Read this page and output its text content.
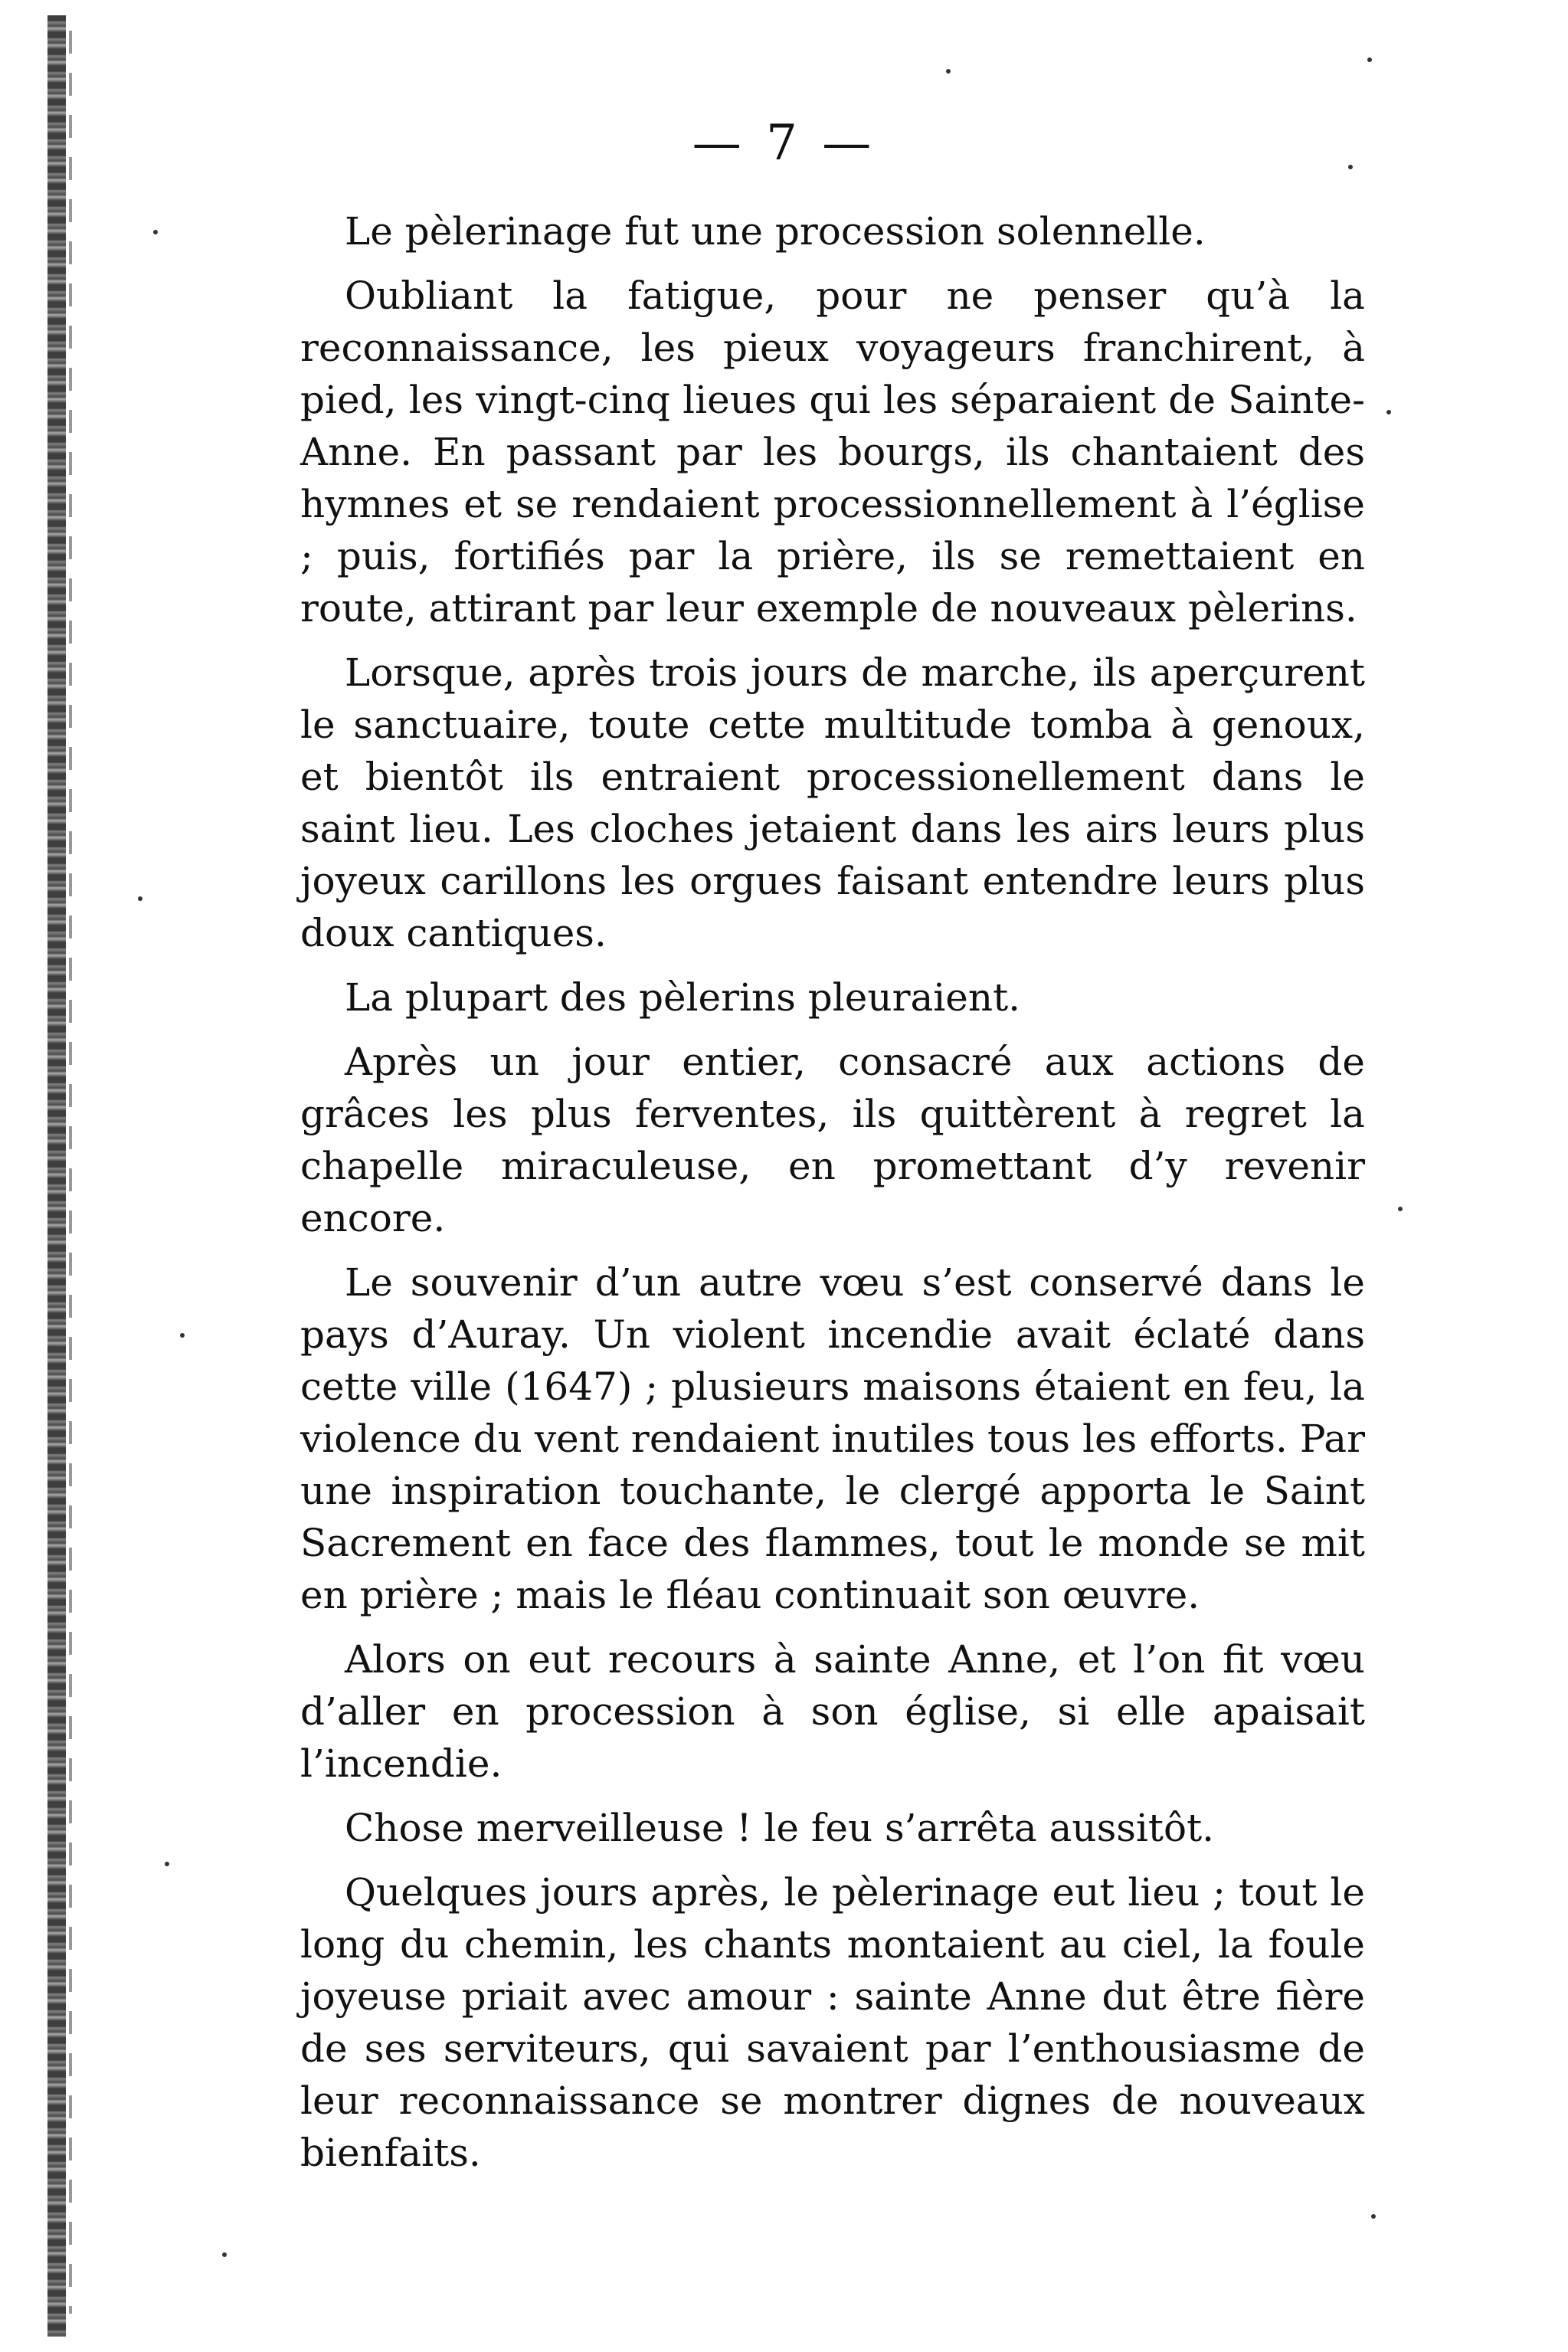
— 7 —

Le pèlerinage fut une procession solennelle.

Oubliant la fatigue, pour ne penser qu’à la reconnaissance, les pieux voyageurs franchirent, à pied, les vingt-cinq lieues qui les séparaient de Sainte-Anne. En passant par les bourgs, ils chantaient des hymnes et se rendaient processionnellement à l’église ; puis, fortifiés par la prière, ils se remettaient en route, attirant par leur exemple de nouveaux pèlerins.

Lorsque, après trois jours de marche, ils aperçurent le sanctuaire, toute cette multitude tomba à genoux, et bientôt ils entraient processionellement dans le saint lieu. Les cloches jetaient dans les airs leurs plus joyeux carillons les orgues faisant entendre leurs plus doux cantiques.

La plupart des pèlerins pleuraient.

Après un jour entier, consacré aux actions de grâces les plus ferventes, ils quittèrent à regret la chapelle miraculeuse, en promettant d’y revenir encore.

Le souvenir d’un autre vœu s’est conservé dans le pays d’Auray. Un violent incendie avait éclaté dans cette ville (1647) ; plusieurs maisons étaient en feu, la violence du vent rendaient inutiles tous les efforts. Par une inspiration touchante, le clergé apporta le Saint Sacrement en face des flammes, tout le monde se mit en prière ; mais le fléau continuait son œuvre.

Alors on eut recours à sainte Anne, et l’on fit vœu d’aller en procession à son église, si elle apaisait l’incendie.

Chose merveilleuse ! le feu s’arrêta aussitôt.

Quelques jours après, le pèlerinage eut lieu ; tout le long du chemin, les chants montaient au ciel, la foule joyeuse priait avec amour : sainte Anne dut être fière de ses serviteurs, qui savaient par l’enthousiasme de leur reconnaissance se montrer dignes de nouveaux bienfaits.
